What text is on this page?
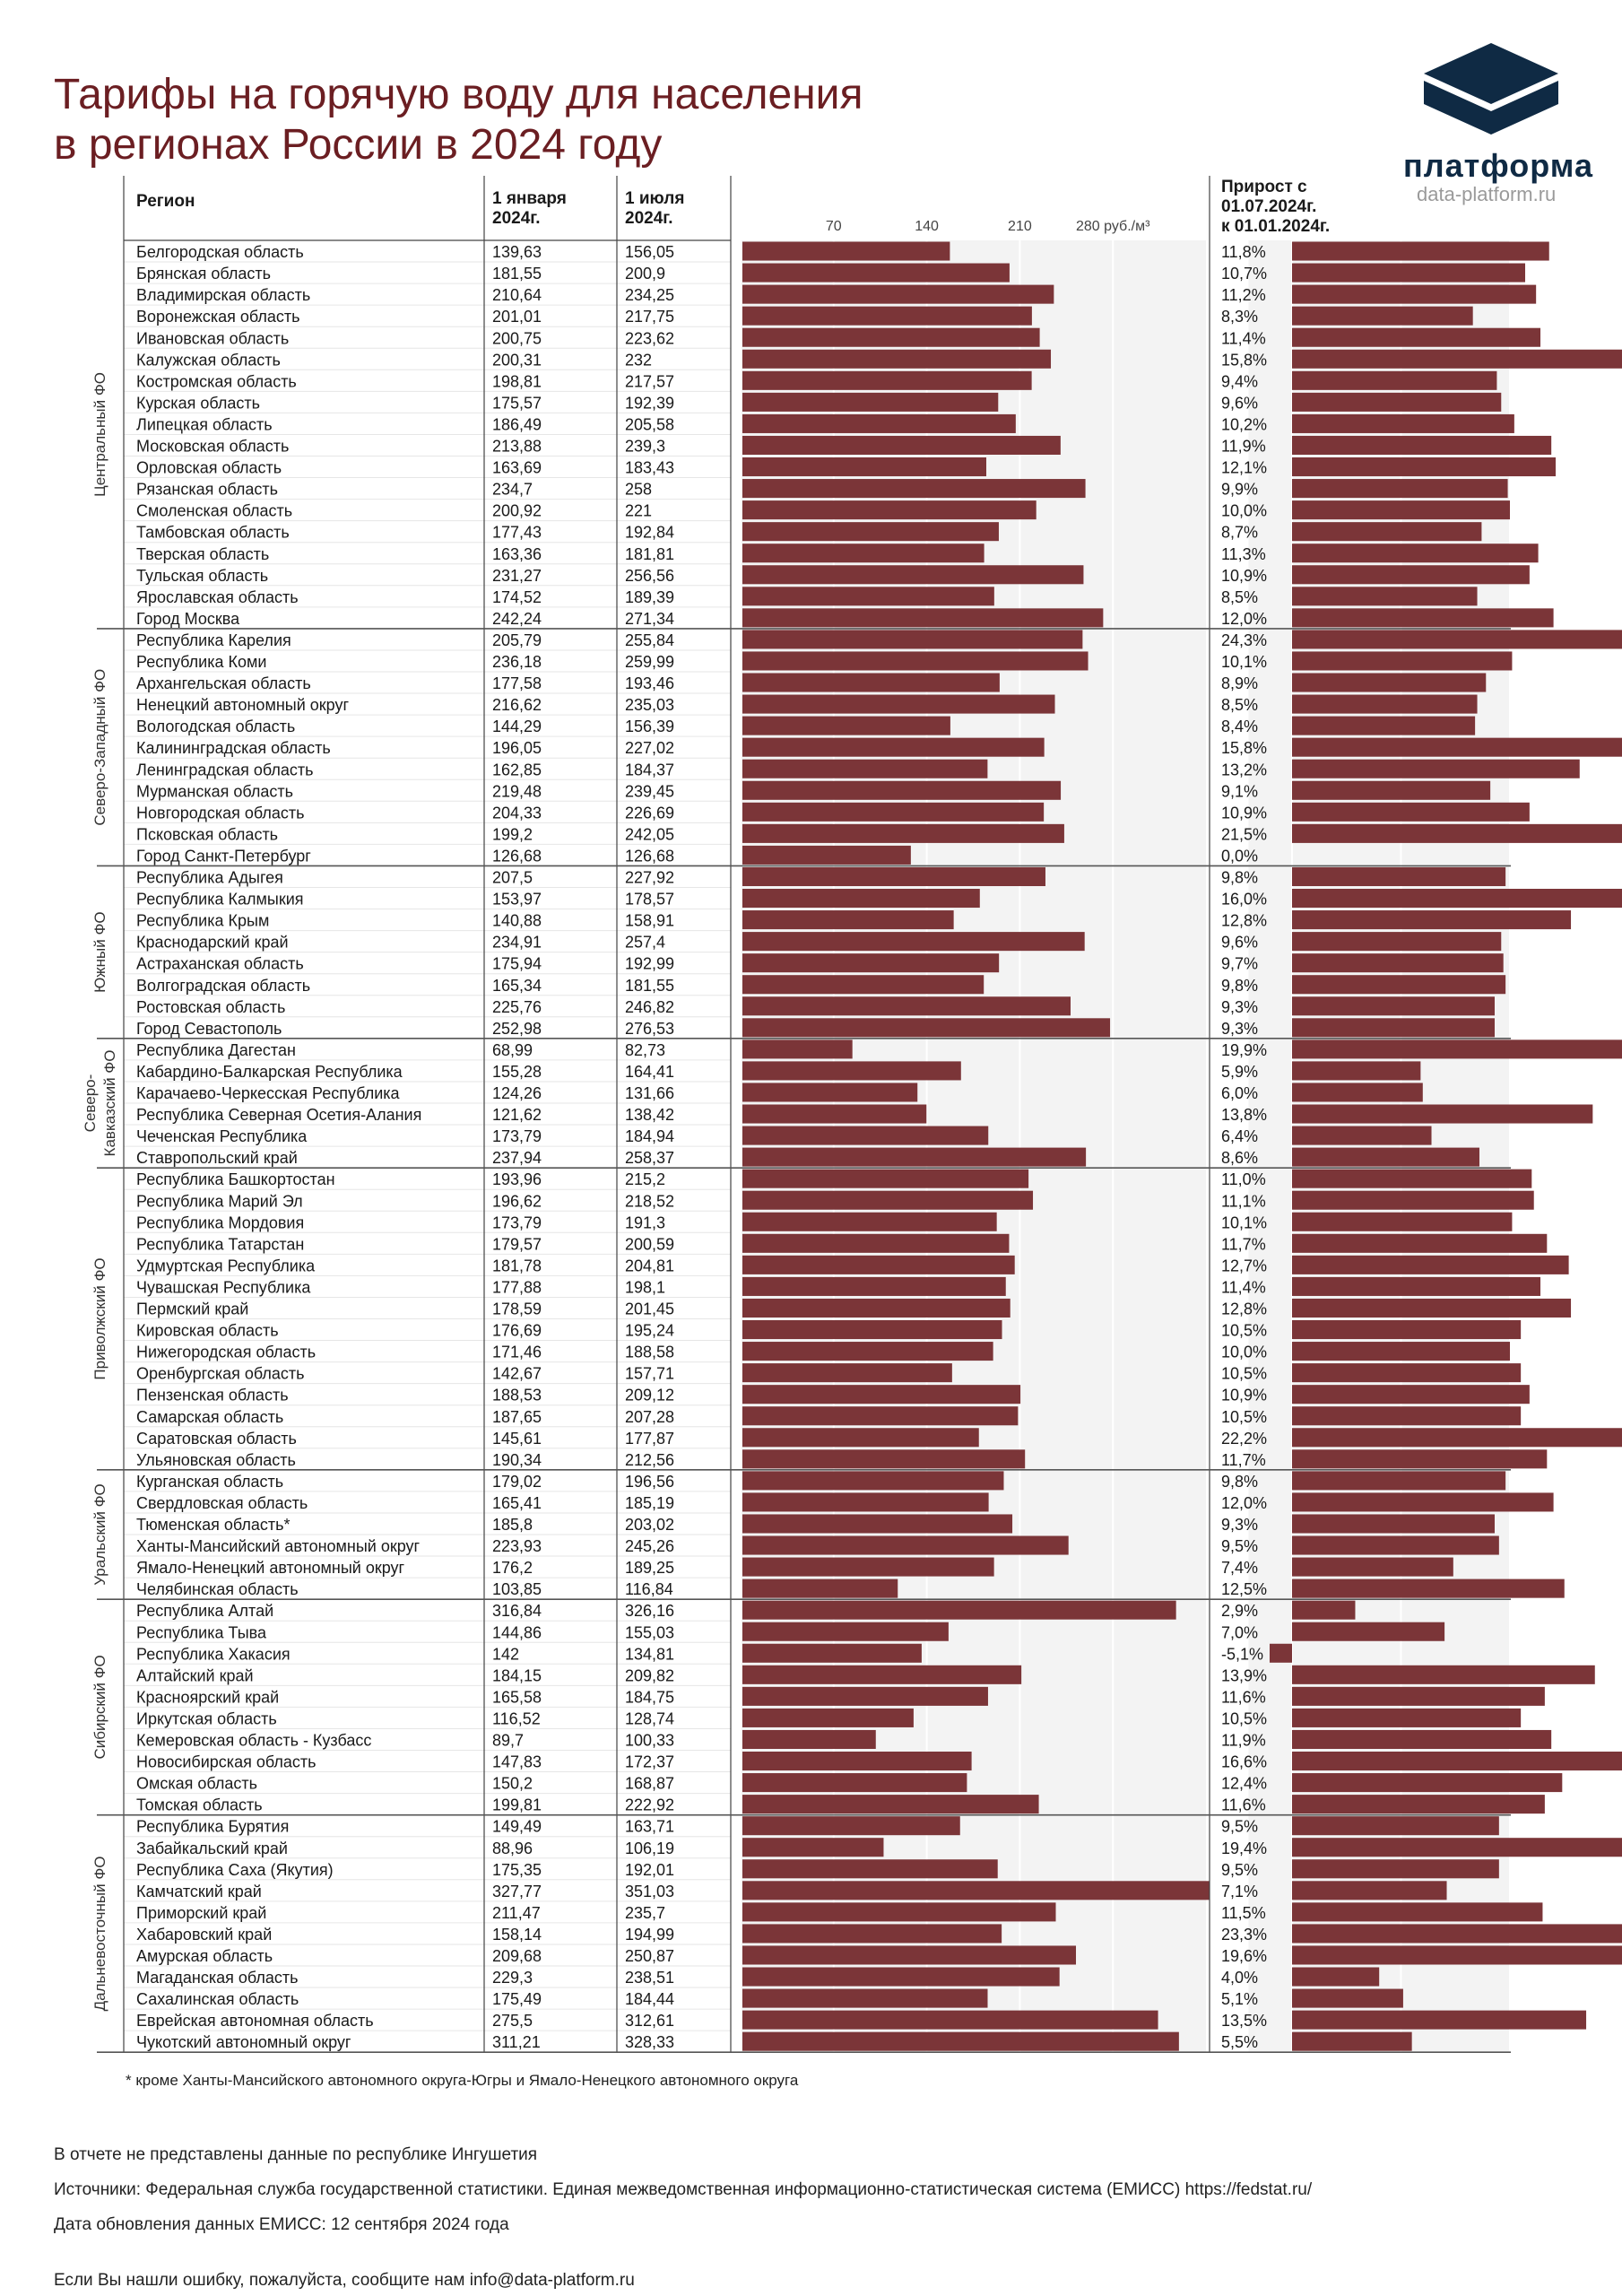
Тарифы на горячую воду для населения
в регионах России в 2024 году	платформа
data-platform.ru
70	140	210	280 руб./м³
Белгородская область	139,63	156,05	11,8%
Брянская область	181,55	200,9	10,7%
Владимирская область	210,64	234,25	11,2%
Воронежская область	201,01	217,75	8,3%
Ивановская область	200,75	223,62	11,4%
Калужская область	200,31	232	15,8%
Костромская область	198,81	217,57	9,4%
Курская область	175,57	192,39	9,6%
Липецкая область	186,49	205,58	10,2%
Московская область	213,88	239,3	11,9%
Орловская область	163,69	183,43	12,1%
Рязанская область	234,7	258	9,9%
Смоленская область	200,92	221	10,0%
Тамбовская область	177,43	192,84	8,7%
Тверская область	163,36	181,81	11,3%
Тульская область	231,27	256,56	10,9%
Ярославская область	174,52	189,39	8,5%
Город Москва	242,24	271,34	12,0%
Республика Карелия	205,79	255,84	24,3%
Республика Коми	236,18	259,99	10,1%
Архангельская область	177,58	193,46	8,9%
Ненецкий автономный округ	216,62	235,03	8,5%
Вологодская область	144,29	156,39	8,4%
Калининградская область	196,05	227,02	15,8%
Ленинградская область	162,85	184,37	13,2%
Мурманская область	219,48	239,45	9,1%
Новгородская область	204,33	226,69	10,9%
Псковская область	199,2	242,05	21,5%
Город Санкт-Петербург	126,68	126,68	0,0%
Республика Адыгея	207,5	227,92	9,8%
Республика Калмыкия	153,97	178,57	16,0%
Республика Крым	140,88	158,91	12,8%
Краснодарский край	234,91	257,4	9,6%
Астраханская область	175,94	192,99	9,7%
Волгоградская область	165,34	181,55	9,8%
Ростовская область	225,76	246,82	9,3%
Город Севастополь	252,98	276,53	9,3%
Республика Дагестан	68,99	82,73	19,9%
Кабардино-Балкарская Республика	155,28	164,41	5,9%
Карачаево-Черкесская Республика	124,26	131,66	6,0%
Республика Северная Осетия-Алания	121,62	138,42	13,8%
Чеченская Республика	173,79	184,94	6,4%
Ставропольский край	237,94	258,37	8,6%
Республика Башкортостан	193,96	215,2	11,0%
Республика Марий Эл	196,62	218,52	11,1%
Республика Мордовия	173,79	191,3	10,1%
Республика Татарстан	179,57	200,59	11,7%
Удмуртская Республика	181,78	204,81	12,7%
Чувашская Республика	177,88	198,1	11,4%
Пермский край	178,59	201,45	12,8%
Кировская область	176,69	195,24	10,5%
Нижегородская область	171,46	188,58	10,0%
Оренбургская область	142,67	157,71	10,5%
Пензенская область	188,53	209,12	10,9%
Самарская область	187,65	207,28	10,5%
Саратовская область	145,61	177,87	22,2%
Ульяновская область	190,34	212,56	11,7%
Курганская область	179,02	196,56	9,8%
Свердловская область	165,41	185,19	12,0%
Тюменская область*	185,8	203,02	9,3%
Ханты-Мансийский автономный округ	223,93	245,26	9,5%
Ямало-Ненецкий автономный округ	176,2	189,25	7,4%
Челябинская область	103,85	116,84	12,5%
Республика Алтай	316,84	326,16	2,9%
Республика Тыва	144,86	155,03	7,0%
Республика Хакасия	142	134,81	-5,1%
Алтайский край	184,15	209,82	13,9%
Красноярский край	165,58	184,75	11,6%
Иркутская область	116,52	128,74	10,5%
Кемеровская область - Кузбасс	89,7	100,33	11,9%
Новосибирская область	147,83	172,37	16,6%
Омская область	150,2	168,87	12,4%
Томская область	199,81	222,92	11,6%
Республика Бурятия	149,49	163,71	9,5%
Забайкальский край	88,96	106,19	19,4%
Республика Саха (Якутия)	175,35	192,01	9,5%
Камчатский край	327,77	351,03	7,1%
Приморский край	211,47	235,7	11,5%
Хабаровский край	158,14	194,99	23,3%
Амурская область	209,68	250,87	19,6%
Магаданская область	229,3	238,51	4,0%
Сахалинская область	175,49	184,44	5,1%
Еврейская автономная область	275,5	312,61	13,5%
Чукотский автономный округ	311,21	328,33	5,5%
Центральный ФО
Северо-Западный ФО
Южный ФО
Северо- Кавказский ФО
Приволжский ФО
Уральский ФО
Сибирский ФО
Дальневосточный ФО
Регион	1 января
2024г.
1 июля
2024г.
Прирост с
01.07.2024г.
к 01.01.2024г.
* кроме Ханты-Мансийского автономного округа-Югры и Ямало-Ненецкого автономного округа
В отчете не представлены данные по республике Ингушетия
Источники: Федеральная служба государственной статистики. Единая межведомственная информационно-статистическая система (ЕМИСС) https://fedstat.ru/
Дата обновления данных ЕМИСС: 12 сентября 2024 года
Если Вы нашли ошибку, пожалуйста, сообщите нам info@data-platform.ru
